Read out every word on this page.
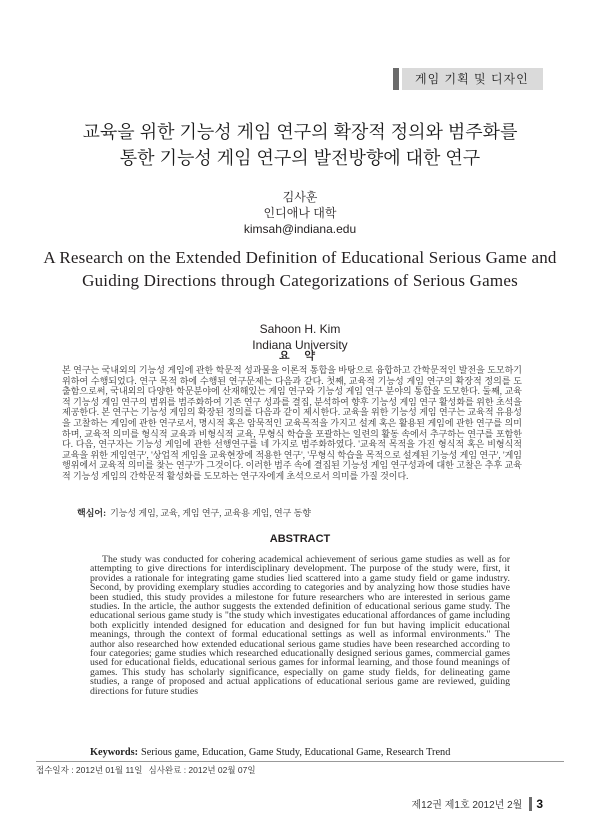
게임 기획 및 디자인
교육을 위한 기능성 게임 연구의 확장적 정의와 범주화를
통한 기능성 게임 연구의 발전방향에 대한 연구
김사훈
인디애나 대학
kimsah@indiana.edu
A Research on the Extended Definition of Educational Serious Game and
Guiding Directions through Categorizations of Serious Games
Sahoon H. Kim
Indiana University
요 약
본 연구는 국내외의 기능성 게임에 관한 학문적 성과물을 이론적 통합을 바탕으로 융합하고 간학문적인 발전을 도모하기 위하여 수행되었다. 연구 목적 하에 수행된 연구문제는 다음과 같다. 첫째, 교육적 기능성 게임 연구의 확장적 정의를 도출함으로써, 국내외의 다양한 학문분야에 산재해있는 게임 연구와 기능성 게임 연구 분야의 통합을 도모한다. 둘째, 교육적 기능성 게임 연구의 범위를 범주화하여 기존 연구 성과를 결집, 분석하여 향후 기능성 게임 연구 활성화를 위한 초석을 제공한다. 본 연구는 기능성 게임의 확장된 정의를 다음과 같이 제시한다. 교육을 위한 기능성 게임 연구는 교육적 유용성을 고찰하는 게임에 관한 연구로서, 명시적 혹은 암묵적인 교육목적을 가지고 설계 혹은 활용된 게임에 관한 연구를 의미하며, 교육적 의미를 형식적 교육과 비형식적 교육, 무형식 학습을 포괄하는 일련의 활동 속에서 추구하는 연구를 포함한다. 다음, 연구자는 기능성 게임에 관한 선행연구를 네 가지로 범주화하였다. '교육적 목적을 가진 형식적 혹은 비형식적 교육을 위한 게임연구', '상업적 게임을 교육현장에 적용한 연구', '무형식 학습을 목적으로 설계된 기능성 게임 연구', '게임 행위에서 교육적 의미를 찾는 연구'가 그것이다. 이러한 범주 속에 결집된 기능성 게임 연구성과에 대한 고찰은 추후 교육적 기능성 게임의 간학문적 활성화를 도모하는 연구자에게 초석으로서 의미를 가질 것이다.
핵심어: 기능성 게임, 교육, 게임 연구, 교육용 게임, 연구 동향
ABSTRACT
The study was conducted for cohering academical achievement of serious game studies as well as for attempting to give directions for interdisciplinary development. The purpose of the study were, first, it provides a rationale for integrating game studies lied scattered into a game study field or game industry. Second, by providing exemplary studies according to categories and by analyzing how those studies have been studied, this study provides a milestone for future researchers who are interested in serious game studies. In the article, the author suggests the extended definition of educational serious game study. The educational serious game study is "the study which investigates educational affordances of game including both explicitly intended designed for education and designed for fun but having implicit educational meanings, through the context of formal educational settings as well as informal environments." The author also researched how extended educational serious game studies have been researched according to four categories; game studies which researched educationally designed serious games, commercial games used for educational fields, educational serious games for informal learning, and those found meanings of games. This study has scholarly significance, especially on game study fields, for delineating game studies, a range of proposed and actual applications of educational serious game are reviewed, guiding directions for future studies
Keywords: Serious game, Education, Game Study, Educational Game, Research Trend
접수일자 : 2012년 01월 11일 심사완료 : 2012년 02월 07일
제12권 제1호 2012년 2월 3
